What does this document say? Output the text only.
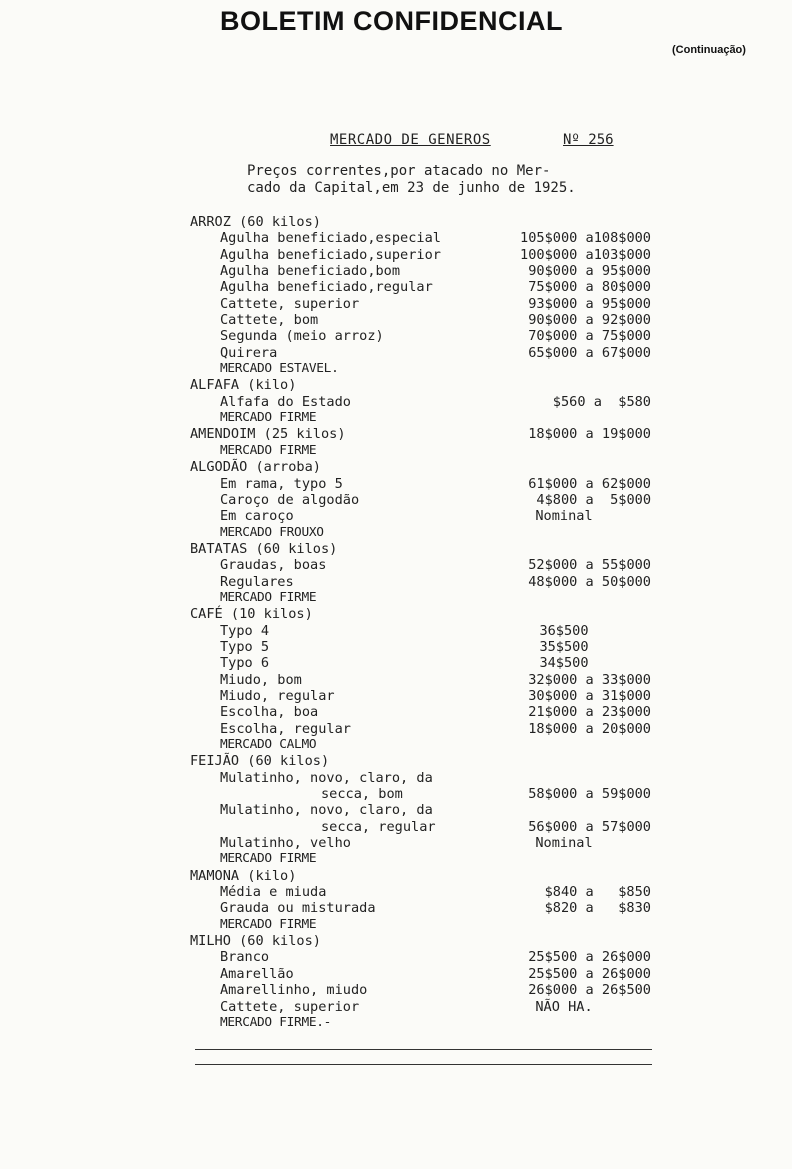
BOLETIM CONFIDENCIAL
(Continuação)
MERCADO DE GENEROS	Nº 256
Preços correntes,por atacado no Mer-
cado da Capital,em 23 de junho de 1925.
ARROZ (60 kilos)
Agulha beneficiado,especial	105$000 a108$000
Agulha beneficiado,superior	100$000 a103$000
Agulha beneficiado,bom	90$000 a 95$000
Agulha beneficiado,regular	75$000 a 80$000
Cattete, superior	93$000 a 95$000
Cattete, bom	90$000 a 92$000
Segunda (meio arroz)	70$000 a 75$000
Quirera	65$000 a 67$000
MERCADO ESTAVEL.
ALFAFA (kilo)
Alfafa do Estado	$560 a  $580
MERCADO FIRME
AMENDOIM (25 kilos)	18$000 a 19$000
MERCADO FIRME
ALGODÃO (arroba)
Em rama, typo 5	61$000 a 62$000
Caroço de algodão	4$800 a  5$000
Em caroço	Nominal
MERCADO FROUXO
BATATAS (60 kilos)
Graudas, boas	52$000 a 55$000
Regulares	48$000 a 50$000
MERCADO FIRME
CAFÉ (10 kilos)
Typo 4	36$500
Typo 5	35$500
Typo 6	34$500
Miudo, bom	32$000 a 33$000
Miudo, regular	30$000 a 31$000
Escolha, boa	21$000 a 23$000
Escolha, regular	18$000 a 20$000
MERCADO CALMO
FEIJÃO (60 kilos)
Mulatinho, novo, claro, da
secca, bom	58$000 a 59$000
Mulatinho, novo, claro, da
secca, regular	56$000 a 57$000
Mulatinho, velho	Nominal
MERCADO FIRME
MAMONA (kilo)
Média e miuda	$840 a   $850
Grauda ou misturada	$820 a   $830
MERCADO FIRME
MILHO (60 kilos)
Branco	25$500 a 26$000
Amarellão	25$500 a 26$000
Amarellinho, miudo	26$000 a 26$500
Cattete, superior	NÃO HA.
MERCADO FIRME.-
